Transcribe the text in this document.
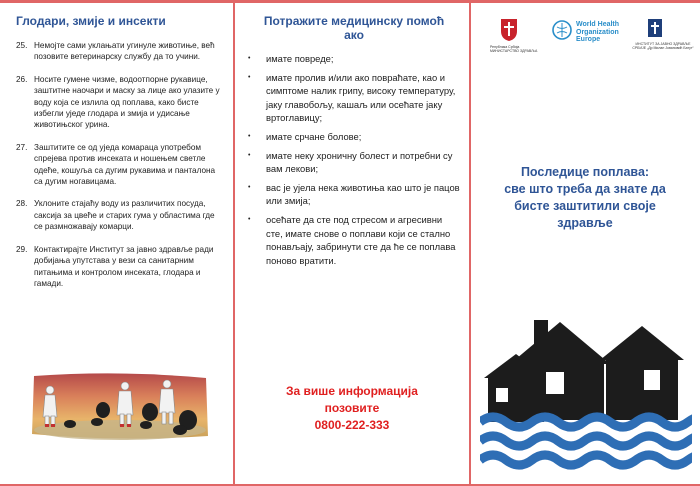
Глодари, змије и инсекти
25. Немојте сами уклањати угинуле животиње, већ позовите ветеринарску службу да то учини.
26. Носите гумене чизме, водоотпорне рукавице, заштитне наочари и маску за лице ако улазите у воду која се излила од поплава, како бисте избегли уједе глодара и змија и удисање животињског урина.
27. Заштитите се од уједа комараца употребом спрејева против инсеката и ношењем светле одеће, кошуља са дугим рукавима и панталона са дугим ногавицама.
28. Уклоните стајаћу воду из различитих посуда, саксија за цвеће и старих гума у областима где се размножавају комарци.
29. Контактирајте Институт за јавно здравље ради добијања упутстава у вези са санитарним питањима и контролом инсеката, глодара и гамади.
Потражите медицинску помоћ ако
•	имате повреде;
•	имате пролив и/или ако повраћате, као и симптоме налик грипу, високу температуру, јаку главобољу, кашаљ или осећате јаку вртоглавицу;
•	имате срчане болове;
•	имате неку хроничну болест и потребни су вам лекови;
•	вас је ујела нека животиња као што је пацов или змија;
•	осећате да сте под стресом и агресивни сте, имате снове о поплави који се стално понављају, забринути сте да ће се поплава поново вратити.
За више информација
позовите
0800-222-333
Република Србија МИНИСТАРСТВО ЗДРАВЉА
World Health
Organization
Europe
ИНСТИТУТ ЗА ЈАВНО ЗДРАВЉЕ СРБИЈЕ „Др Милан Јовановић Батут“
Последице поплава:
све што треба да знате да
бисте заштитили своје
здравље
